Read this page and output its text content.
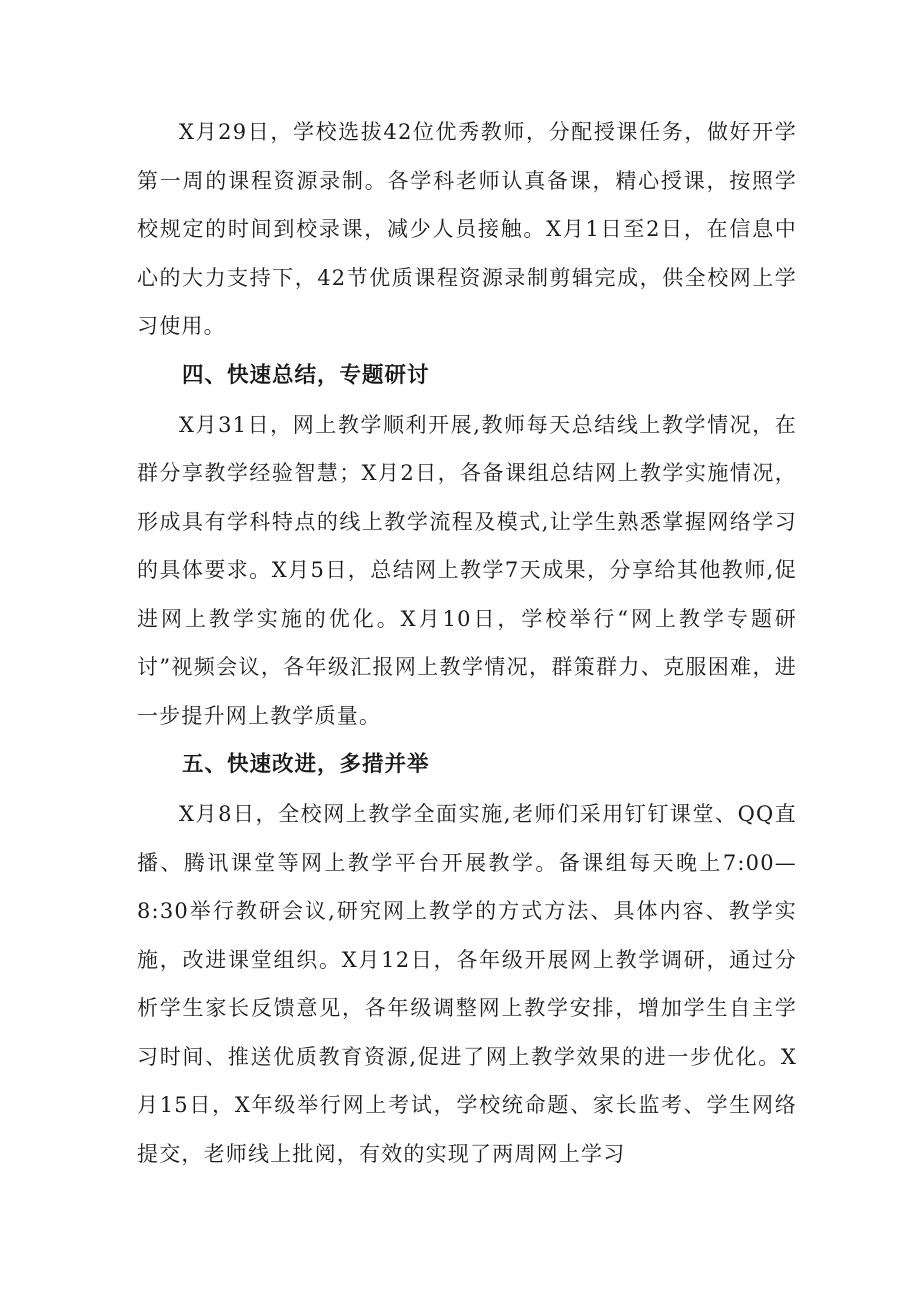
X月29日，学校选拔42位优秀教师，分配授课任务，做好开学第一周的课程资源录制。各学科老师认真备课，精心授课，按照学校规定的时间到校录课，减少人员接触。X月1日至2日，在信息中心的大力支持下，42节优质课程资源录制剪辑完成，供全校网上学习使用。

四、快速总结，专题研讨

X月31日，网上教学顺利开展,教师每天总结线上教学情况，在群分享教学经验智慧；X月2日，各备课组总结网上教学实施情况，形成具有学科特点的线上教学流程及模式,让学生熟悉掌握网络学习的具体要求。X月5日，总结网上教学7天成果，分享给其他教师,促进网上教学实施的优化。X月10日，学校举行“网上教学专题研讨”视频会议，各年级汇报网上教学情况，群策群力、克服困难，进一步提升网上教学质量。

五、快速改进，多措并举

X月8日，全校网上教学全面实施,老师们采用钉钉课堂、QQ直播、腾讯课堂等网上教学平台开展教学。备课组每天晚上7:00—8:30举行教研会议,研究网上教学的方式方法、具体内容、教学实施，改进课堂组织。X月12日，各年级开展网上教学调研，通过分析学生家长反馈意见，各年级调整网上教学安排，增加学生自主学习时间、推送优质教育资源,促进了网上教学效果的进一步优化。X月15日，X年级举行网上考试，学校统命题、家长监考、学生网络提交，老师线上批阅，有效的实现了两周网上学习
